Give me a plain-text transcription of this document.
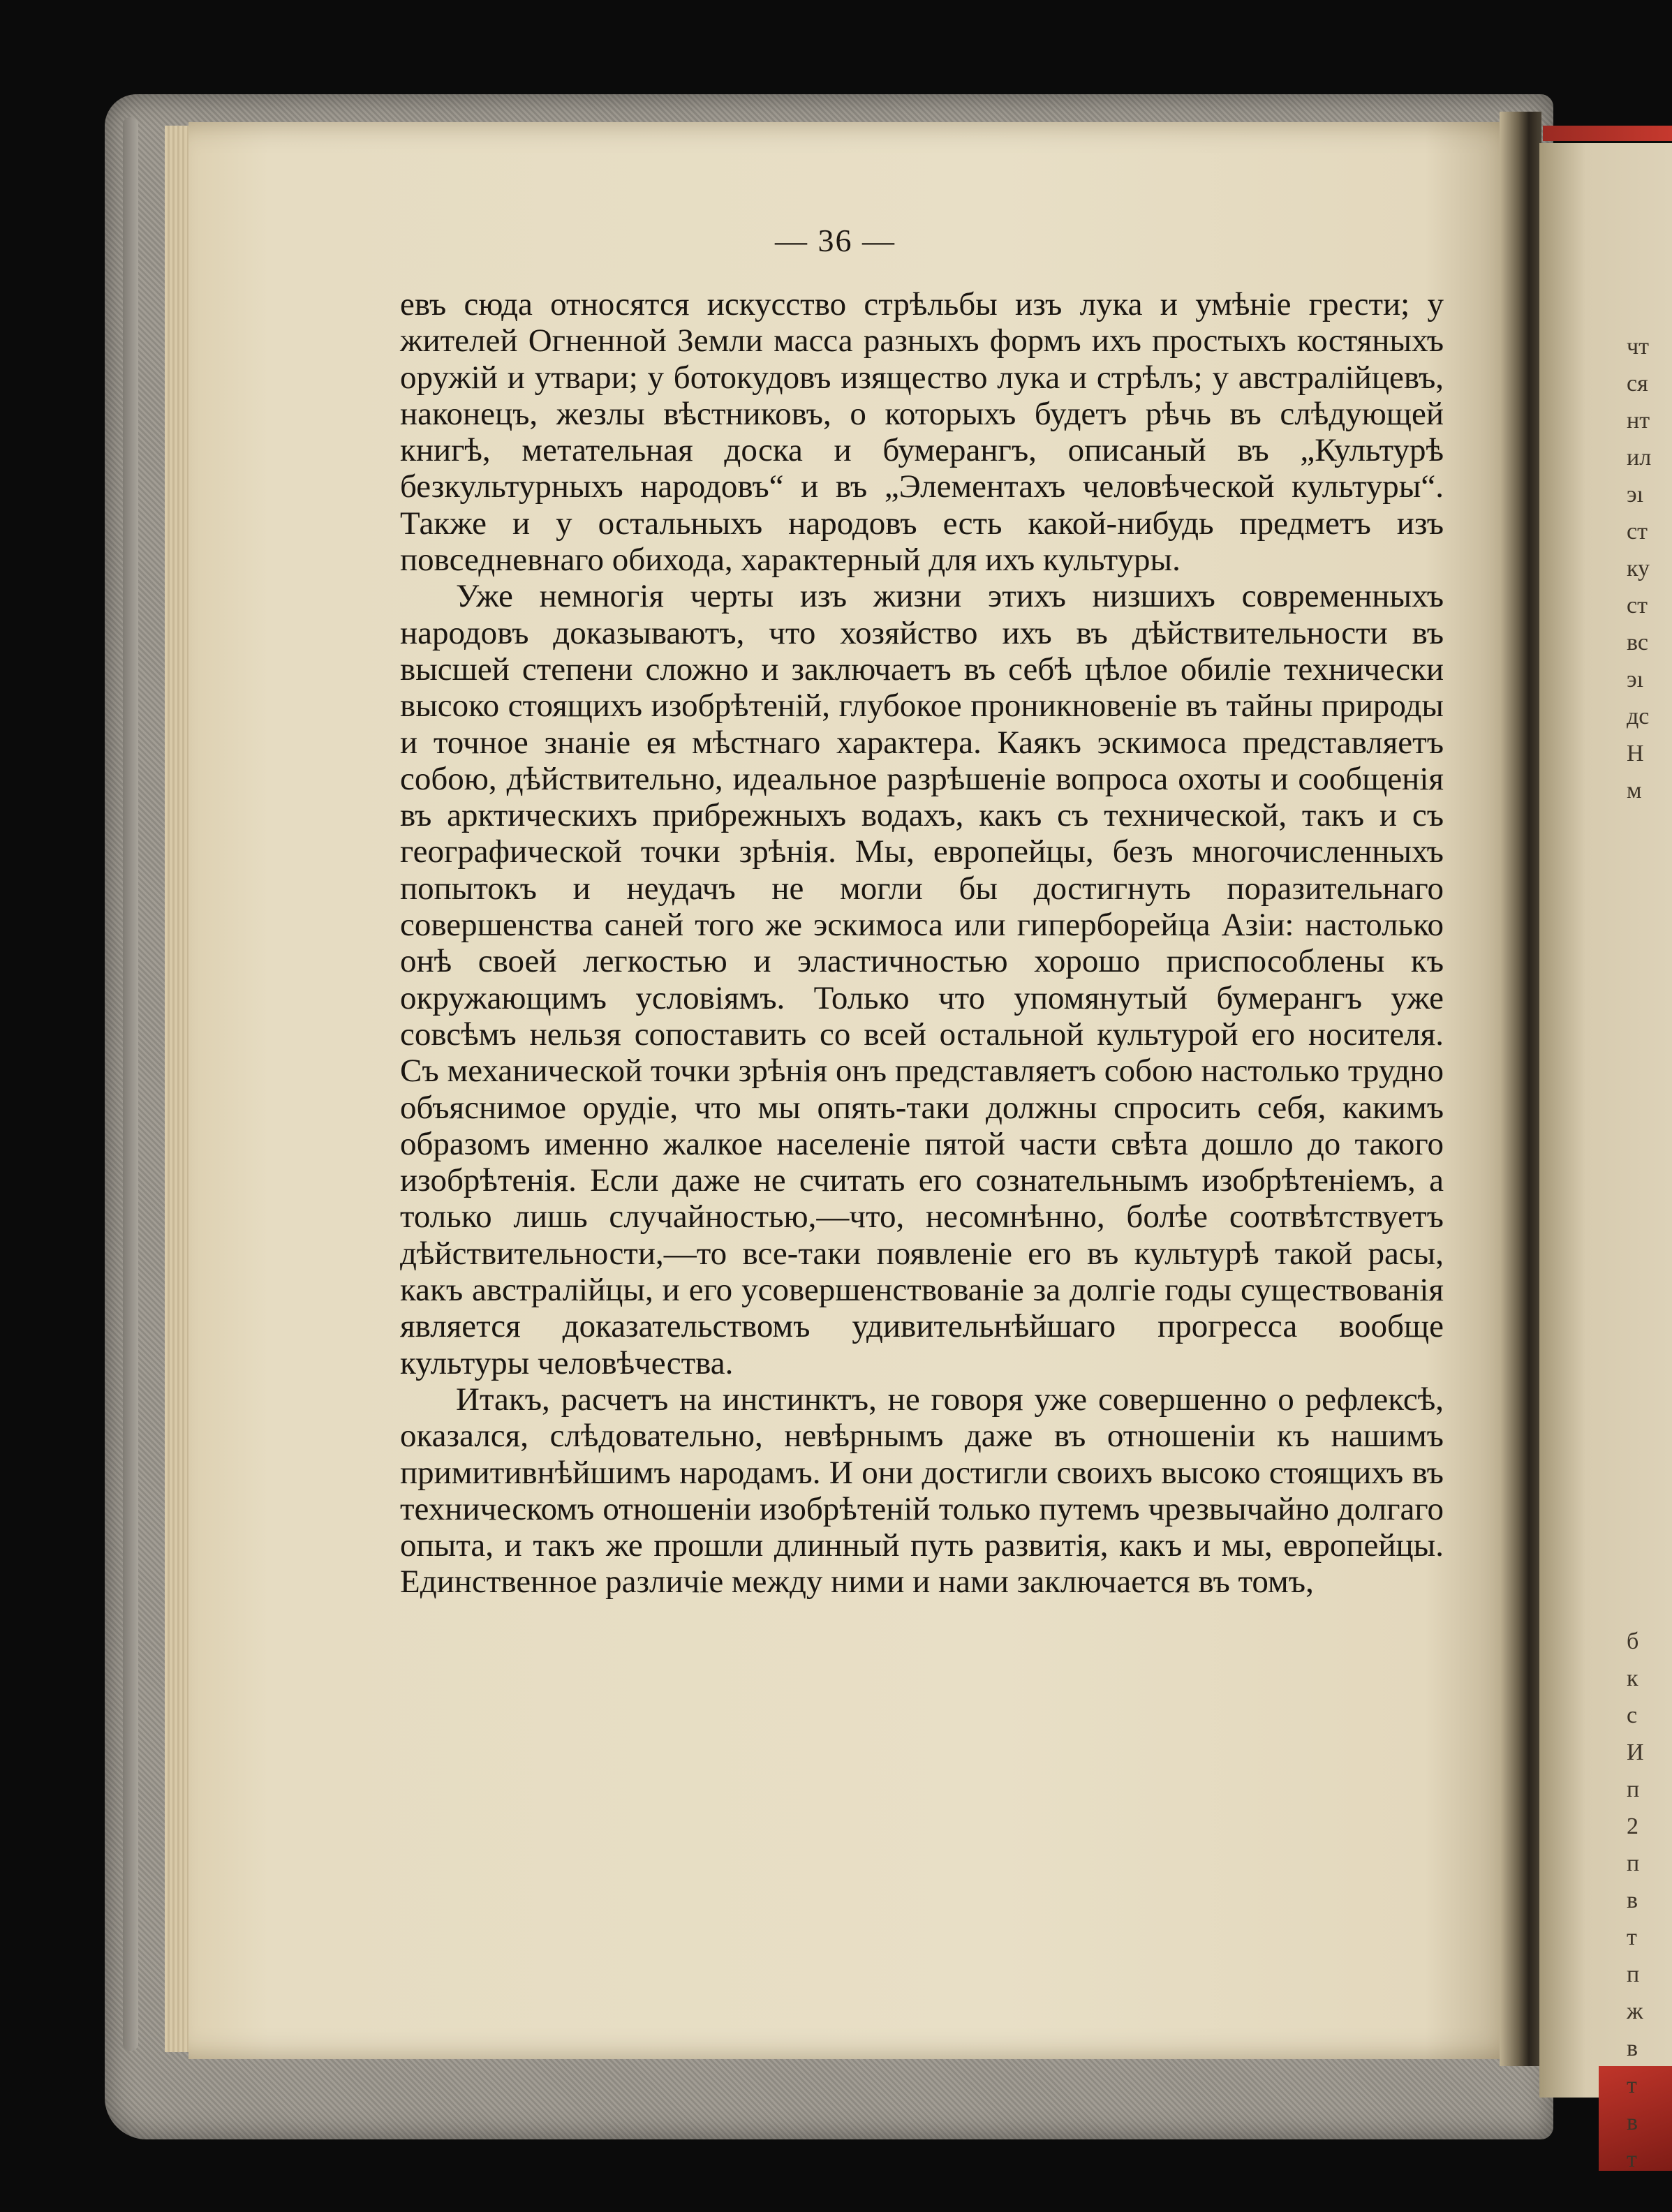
чт
ся
нт
ил
эı
ст
ку
ст
вс
эı
дс
Н
м

б
к
с
И
п
2
п
в
т
п
ж
в
т
в
т
— 36 —

евъ сюда относятся искусство стрѣльбы изъ лука и умѣніе грести; у жителей Огненной Земли масса разныхъ формъ ихъ простыхъ костяныхъ оружій и утвари; у ботокудовъ изящество лука и стрѣлъ; у австралійцевъ, наконецъ, жезлы вѣстниковъ, о которыхъ будетъ рѣчь въ слѣдующей книгѣ, метательная доска и бумерангъ, описаный въ „Культурѣ безкультурныхъ народовъ“ и въ „Элементахъ человѣческой культуры“. Также и у остальныхъ народовъ есть какой-нибудь предметъ изъ повседневнаго обихода, характерный для ихъ культуры.

Уже немногія черты изъ жизни этихъ низшихъ современныхъ народовъ доказываютъ, что хозяйство ихъ въ дѣйствительности въ высшей степени сложно и заключаетъ въ себѣ цѣлое обиліе технически высоко стоящихъ изобрѣтеній, глубокое проникновеніе въ тайны природы и точное знаніе ея мѣстнаго характера. Каякъ эскимоса представляетъ собою, дѣйствительно, идеальное разрѣшеніе вопроса охоты и сообщенія въ арктическихъ прибрежныхъ водахъ, какъ съ технической, такъ и съ географической точки зрѣнія. Мы, европейцы, безъ многочисленныхъ попытокъ и неудачъ не могли бы достигнуть поразительнаго совершенства саней того же эскимоса или гиперборейца Азіи: настолько онѣ своей легкостью и эластичностью хорошо приспособлены къ окружающимъ условіямъ. Только что упомянутый бумерангъ уже совсѣмъ нельзя сопоставить со всей остальной культурой его носителя. Съ механической точки зрѣнія онъ представляетъ собою настолько трудно объяснимое орудіе, что мы опять-таки должны спросить себя, какимъ образомъ именно жалкое населеніе пятой части свѣта дошло до такого изобрѣтенія. Если даже не считать его сознательнымъ изобрѣтеніемъ, а только лишь случайностью,—что, несомнѣнно, болѣе соотвѣтствуетъ дѣйствительности,—то все-таки появленіе его въ культурѣ такой расы, какъ австралійцы, и его усовершенствованіе за долгіе годы существованія является доказательствомъ удивительнѣйшаго прогресса вообще культуры человѣчества.

Итакъ, расчетъ на инстинктъ, не говоря уже совершенно о рефлексѣ, оказался, слѣдовательно, невѣрнымъ даже въ отношеніи къ нашимъ примитивнѣйшимъ народамъ. И они достигли своихъ высоко стоящихъ въ техническомъ отношеніи изобрѣтеній только путемъ чрезвычайно долгаго опыта, и такъ же прошли длинный путь развитія, какъ и мы, европейцы. Единственное различіе между ними и нами заключается въ томъ,
